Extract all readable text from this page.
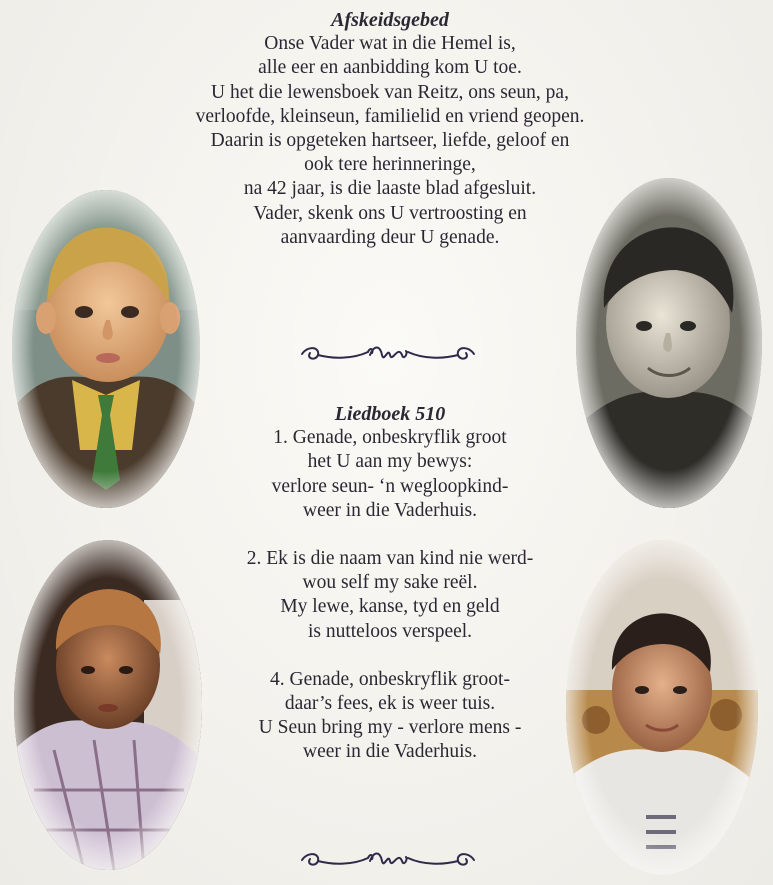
Afskeidsgebed
Onse Vader wat in die Hemel is,
alle eer en aanbidding kom U toe.
U het die lewensboek van Reitz, ons seun, pa,
verloofde, kleinseun, familielid en vriend geopen.
Daarin is opgeteken hartseer, liefde, geloof en
ook tere herinneringe,
na 42 jaar, is die laaste blad afgesluit.
Vader, skenk ons U vertroosting en
aanvaarding deur U genade.
Liedboek 510
1. Genade, onbeskryflik groot
het U aan my bewys:
verlore seun- ‘n wegloopkind-
weer in die Vaderhuis.
2. Ek is die naam van kind nie werd-
wou self my sake reël.
My lewe, kanse, tyd en geld
is nutteloos verspeel.
4. Genade, onbeskryflik groot-
daar’s fees, ek is weer tuis.
U Seun bring my - verlore mens -
weer in die Vaderhuis.
